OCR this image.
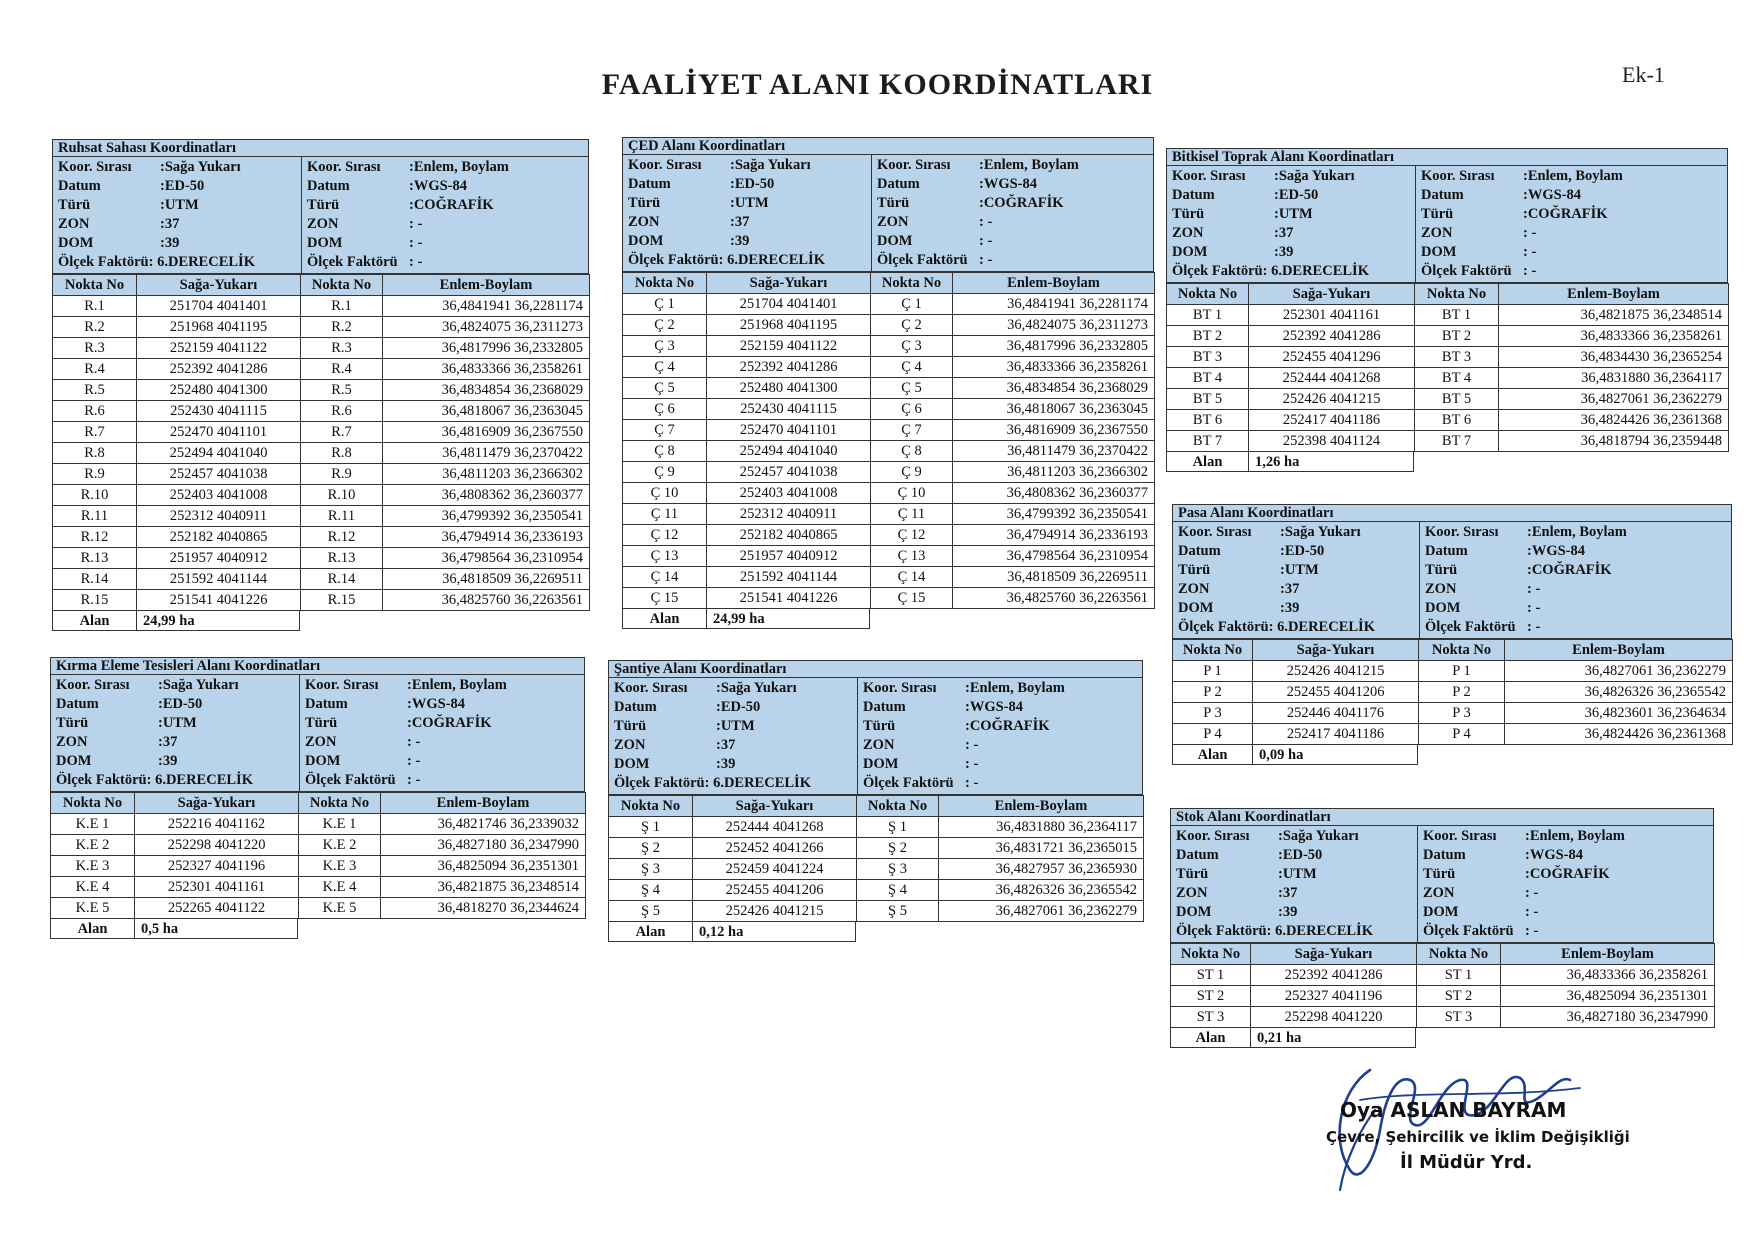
FAALİYET ALANI KOORDİNATLARI	Ek-1
Ruhsat Sahası Koordinatları
Koor. Sırası :Sağa Yukarı
Datum	:ED-50
Türü	:UTM
ZON	:37
DOM	:39
Ölçek Faktörü: 6.DERECELİK
Koor. Sırası :Enlem, Boylam
Datum	:WGS-84
Türü	:COĞRAFİK
ZON	: -
DOM	: -
Ölçek Faktörü : -
Nokta No	Sağa-Yukarı	Nokta No	Enlem-Boylam
R.1	251704 4041401	R.1	36,4841941 36,2281174
R.2	251968 4041195	R.2	36,4824075 36,2311273
R.3	252159 4041122	R.3	36,4817996 36,2332805
R.4	252392 4041286	R.4	36,4833366 36,2358261
R.5	252480 4041300	R.5	36,4834854 36,2368029
R.6	252430 4041115	R.6	36,4818067 36,2363045
R.7	252470 4041101	R.7	36,4816909 36,2367550
R.8	252494 4041040	R.8	36,4811479 36,2370422
R.9	252457 4041038	R.9	36,4811203 36,2366302
R.10	252403 4041008	R.10	36,4808362 36,2360377
R.11	252312 4040911	R.11	36,4799392 36,2350541
R.12	252182 4040865	R.12	36,4794914 36,2336193
R.13	251957 4040912	R.13	36,4798564 36,2310954
R.14	251592 4041144	R.14	36,4818509 36,2269511
R.15	251541 4041226	R.15	36,4825760 36,2263561
Alan	24,99 ha
ÇED Alanı Koordinatları
Koor. Sırası :Sağa Yukarı
Datum	:ED-50
Türü	:UTM
ZON	:37
DOM	:39
Ölçek Faktörü: 6.DERECELİK
Koor. Sırası :Enlem, Boylam
Datum	:WGS-84
Türü	:COĞRAFİK
ZON	: -
DOM	: -
Ölçek Faktörü : -
Nokta No	Sağa-Yukarı	Nokta No	Enlem-Boylam
Ç 1	251704 4041401	Ç 1	36,4841941 36,2281174
Ç 2	251968 4041195	Ç 2	36,4824075 36,2311273
Ç 3	252159 4041122	Ç 3	36,4817996 36,2332805
Ç 4	252392 4041286	Ç 4	36,4833366 36,2358261
Ç 5	252480 4041300	Ç 5	36,4834854 36,2368029
Ç 6	252430 4041115	Ç 6	36,4818067 36,2363045
Ç 7	252470 4041101	Ç 7	36,4816909 36,2367550
Ç 8	252494 4041040	Ç 8	36,4811479 36,2370422
Ç 9	252457 4041038	Ç 9	36,4811203 36,2366302
Ç 10	252403 4041008	Ç 10	36,4808362 36,2360377
Ç 11	252312 4040911	Ç 11	36,4799392 36,2350541
Ç 12	252182 4040865	Ç 12	36,4794914 36,2336193
Ç 13	251957 4040912	Ç 13	36,4798564 36,2310954
Ç 14	251592 4041144	Ç 14	36,4818509 36,2269511
Ç 15	251541 4041226	Ç 15	36,4825760 36,2263561
Alan	24,99 ha
Bitkisel Toprak Alanı Koordinatları
Koor. Sırası :Sağa Yukarı
Datum	:ED-50
Türü	:UTM
ZON	:37
DOM	:39
Ölçek Faktörü: 6.DERECELİK
Koor. Sırası :Enlem, Boylam
Datum	:WGS-84
Türü	:COĞRAFİK
ZON	: -
DOM	: -
Ölçek Faktörü : -
Nokta No	Sağa-Yukarı	Nokta No	Enlem-Boylam
BT 1	252301 4041161	BT 1	36,4821875 36,2348514
BT 2	252392 4041286	BT 2	36,4833366 36,2358261
BT 3	252455 4041296	BT 3	36,4834430 36,2365254
BT 4	252444 4041268	BT 4	36,4831880 36,2364117
BT 5	252426 4041215	BT 5	36,4827061 36,2362279
BT 6	252417 4041186	BT 6	36,4824426 36,2361368
BT 7	252398 4041124	BT 7	36,4818794 36,2359448
Alan	1,26 ha
Pasa Alanı Koordinatları
Koor. Sırası :Sağa Yukarı
Datum	:ED-50
Türü	:UTM
ZON	:37
DOM	:39
Ölçek Faktörü: 6.DERECELİK
Koor. Sırası :Enlem, Boylam
Datum	:WGS-84
Türü	:COĞRAFİK
ZON	: -
DOM	: -
Ölçek Faktörü : -
Nokta No	Sağa-Yukarı	Nokta No	Enlem-Boylam
P 1	252426 4041215	P 1	36,4827061 36,2362279
P 2	252455 4041206	P 2	36,4826326 36,2365542
P 3	252446 4041176	P 3	36,4823601 36,2364634
P 4	252417 4041186	P 4	36,4824426 36,2361368
Alan	0,09 ha
Kırma Eleme Tesisleri Alanı Koordinatları
Koor. Sırası :Sağa Yukarı
Datum	:ED-50
Türü	:UTM
ZON	:37
DOM	:39
Ölçek Faktörü: 6.DERECELİK
Koor. Sırası :Enlem, Boylam
Datum	:WGS-84
Türü	:COĞRAFİK
ZON	: -
DOM	: -
Ölçek Faktörü : -
Nokta No	Sağa-Yukarı	Nokta No	Enlem-Boylam
K.E 1	252216 4041162	K.E 1	36,4821746 36,2339032
K.E 2	252298 4041220	K.E 2	36,4827180 36,2347990
K.E 3	252327 4041196	K.E 3	36,4825094 36,2351301
K.E 4	252301 4041161	K.E 4	36,4821875 36,2348514
K.E 5	252265 4041122	K.E 5	36,4818270 36,2344624
Alan	0,5 ha
Şantiye Alanı Koordinatları
Koor. Sırası :Sağa Yukarı
Datum	:ED-50
Türü	:UTM
ZON	:37
DOM	:39
Ölçek Faktörü: 6.DERECELİK
Koor. Sırası :Enlem, Boylam
Datum	:WGS-84
Türü	:COĞRAFİK
ZON	: -
DOM	: -
Ölçek Faktörü : -
Nokta No	Sağa-Yukarı	Nokta No	Enlem-Boylam
Ş 1	252444 4041268	Ş 1	36,4831880 36,2364117
Ş 2	252452 4041266	Ş 2	36,4831721 36,2365015
Ş 3	252459 4041224	Ş 3	36,4827957 36,2365930
Ş 4	252455 4041206	Ş 4	36,4826326 36,2365542
Ş 5	252426 4041215	Ş 5	36,4827061 36,2362279
Alan	0,12 ha
Stok Alanı Koordinatları
Koor. Sırası :Sağa Yukarı
Datum	:ED-50
Türü	:UTM
ZON	:37
DOM	:39
Ölçek Faktörü: 6.DERECELİK
Koor. Sırası :Enlem, Boylam
Datum	:WGS-84
Türü	:COĞRAFİK
ZON	: -
DOM	: -
Ölçek Faktörü : -
Nokta No	Sağa-Yukarı	Nokta No	Enlem-Boylam
ST 1	252392 4041286	ST 1	36,4833366 36,2358261
ST 2	252327 4041196	ST 2	36,4825094 36,2351301
ST 3	252298 4041220	ST 3	36,4827180 36,2347990
Alan	0,21 ha
Oya ASLAN BAYRAM
Çevre, Şehircilik ve İklim Değişikliği
İl Müdür Yrd.
